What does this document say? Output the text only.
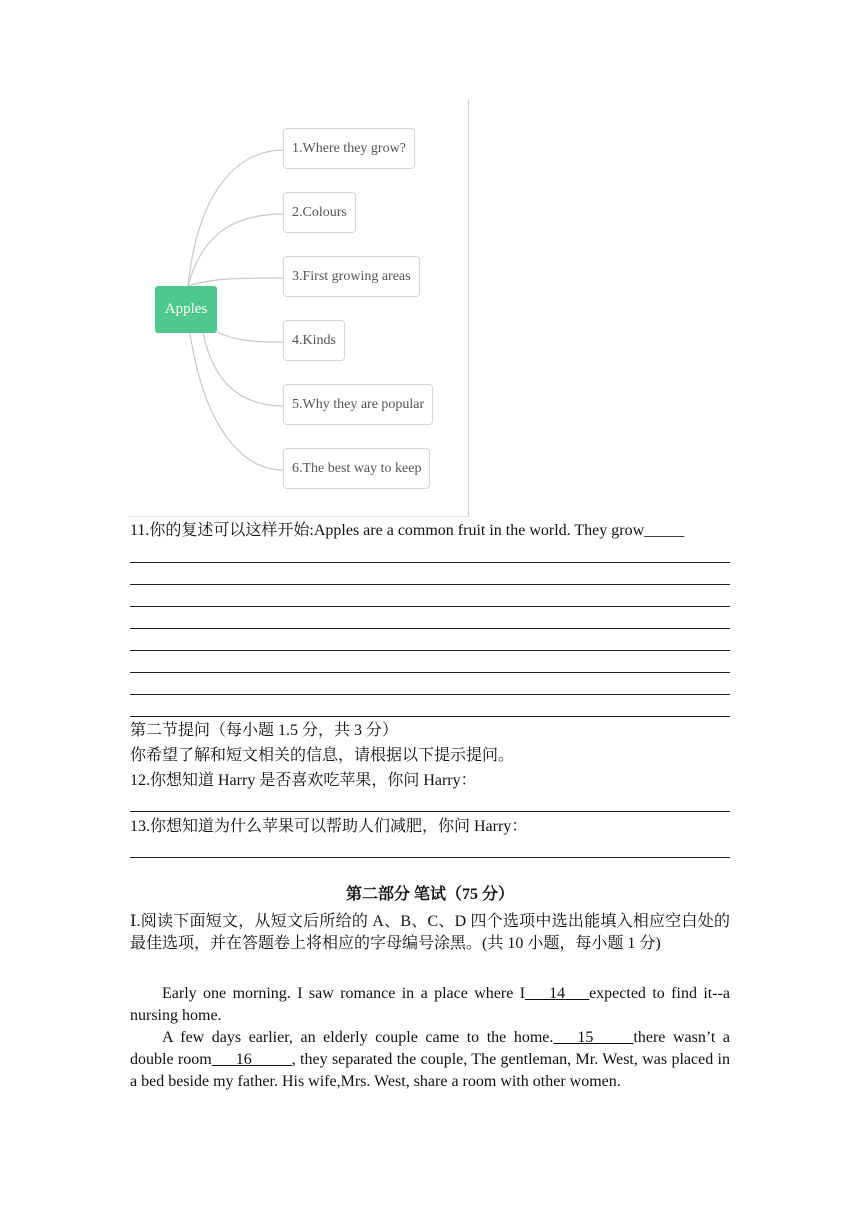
Apples
1.Where they grow?
2.Colours
3.First growing areas
4.Kinds
5.Why they are popular
6.The best way to keep
11.你的复述可以这样开始:Apples are a common fruit in the world. They grow_____
第二节提问（每小题 1.5 分，共 3 分）
你希望了解和短文相关的信息，请根据以下提示提问。
12.你想知道 Harry 是否喜欢吃苹果，你问 Harry：
13.你想知道为什么苹果可以帮助人们减肥，你问 Harry：
第二部分 笔试（75 分）
Ⅰ.阅读下面短文，从短文后所给的 A、B、C、D 四个选项中选出能填入相应空白处的最佳选项，并在答题卷上将相应的字母编号涂黑。(共 10 小题，每小题 1 分)
Early one morning. I saw romance in a place where I___14___expected to find it--a nursing home.
A few days earlier, an elderly couple came to the home.___15_____there wasn’t a double room___16_____, they separated the couple, The gentleman, Mr. West, was placed in a bed beside my father. His wife,Mrs. West, share a room with other women.
